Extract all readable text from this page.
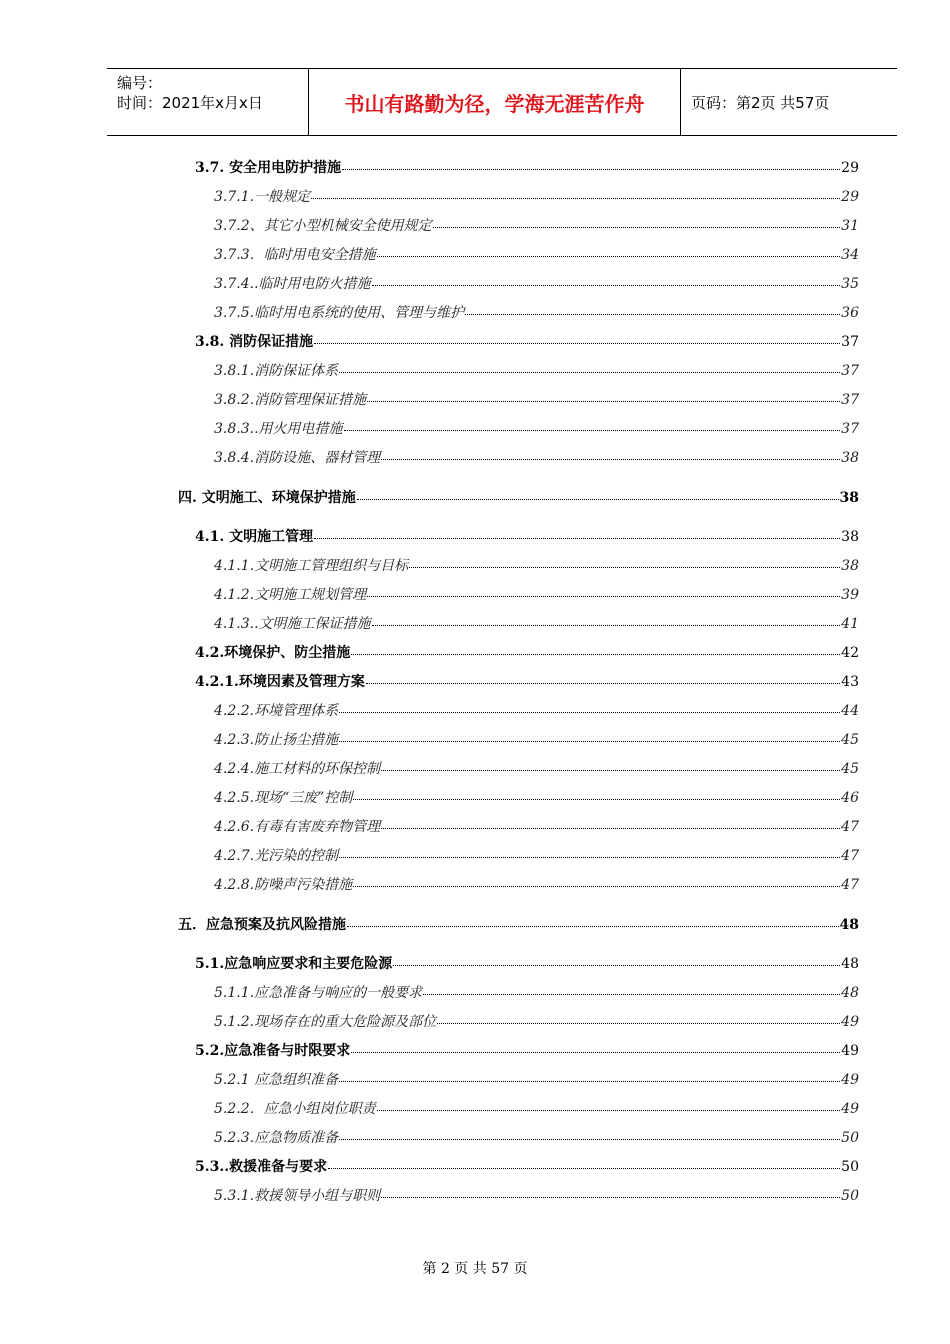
编号：
时间：2021年x月x日	书山有路勤为径，学海无涯苦作舟	页码：第2页 共57页
3.7. 安全用电防护措施	29
3.7.1.一般规定	29
3.7.2、其它小型机械安全使用规定	31
3.7.3．临时用电安全措施	34
3.7.4..临时用电防火措施	35
3.7.5.临时用电系统的使用、管理与维护	36
3.8. 消防保证措施	37
3.8.1.消防保证体系	37
3.8.2.消防管理保证措施	37
3.8.3..用火用电措施	37
3.8.4.消防设施、器材管理	38
四. 文明施工、环境保护措施	38
4.1. 文明施工管理	38
4.1.1.文明施工管理组织与目标	38
4.1.2.文明施工规划管理	39
4.1.3..文明施工保证措施	41
4.2.环境保护、防尘措施	42
4.2.1.环境因素及管理方案	43
4.2.2.环境管理体系	44
4.2.3.防止扬尘措施	45
4.2.4.施工材料的环保控制	45
4.2.5.现场“三废”控制	46
4.2.6.有毒有害废弃物管理	47
4.2.7.光污染的控制	47
4.2.8.防噪声污染措施	47
五．应急预案及抗风险措施	48
5.1.应急响应要求和主要危险源	48
5.1.1.应急准备与响应的一般要求	48
5.1.2.现场存在的重大危险源及部位	49
5.2.应急准备与时限要求	49
5.2.1 应急组织准备	49
5.2.2．应急小组岗位职责	49
5.2.3.应急物质准备	50
5.3..救援准备与要求	50
5.3.1.救援领导小组与职则	50
第 2 页 共 57 页
